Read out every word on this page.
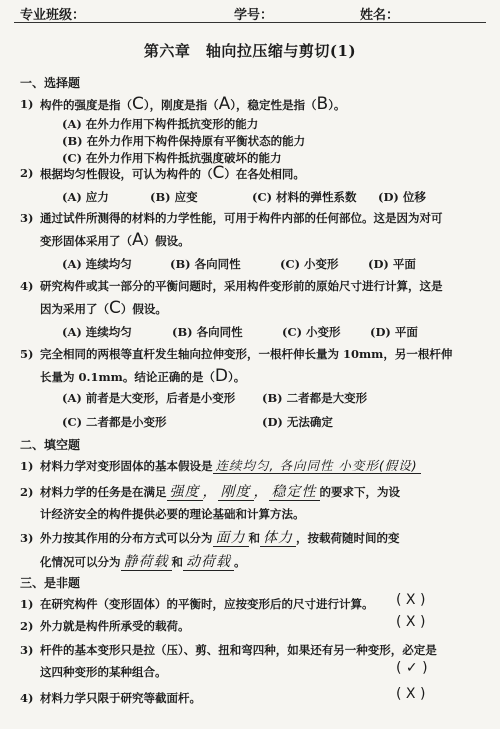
专业班级：	学号：	姓名：
第六章　轴向拉压缩与剪切(1)
一、选择题
1) 构件的强度是指（C），刚度是指（A），稳定性是指（B）。
(A) 在外力作用下构件抵抗变形的能力
(B) 在外力作用下构件保持原有平衡状态的能力
(C) 在外力作用下构件抵抗强度破坏的能力
2) 根据均匀性假设，可认为构件的（C）在各处相同。
(A) 应力	(B) 应变	(C) 材料的弹性系数 (D) 位移
3) 通过试件所测得的材料的力学性能，可用于构件内部的任何部位。这是因为对可
变形固体采用了（A）假设。
(A) 连续均匀	(B) 各向同性	(C) 小变形	(D) 平面
4) 研究构件或其一部分的平衡问题时，采用构件变形前的原始尺寸进行计算，这是
因为采用了（C）假设。
(A) 连续均匀	(B) 各向同性	(C) 小变形	(D) 平面
5) 完全相同的两根等直杆发生轴向拉伸变形，一根杆伸长量为 10mm，另一根杆伸
长量为 0.1mm。结论正确的是（D）。
(A) 前者是大变形，后者是小变形 (B) 二者都是大变形
(C) 二者都是小变形	(D) 无法确定
二、填空题
1) 材料力学对变形固体的基本假设是 连续均匀, 各向同性 小变形(假设)
2) 材料力学的任务是在满足 强度 ， 刚度 ， 稳定性 的要求下，为设
计经济安全的构件提供必要的理论基础和计算方法。
3) 外力按其作用的分布方式可以分为 面力 和 体力 ，按载荷随时间的变
化情况可以分为 静荷载 和 动荷载 。
三、是非题
1) 在研究构件（变形固体）的平衡时，应按变形后的尺寸进行计算。	( X )
2) 外力就是构件所承受的载荷。	( X )
3) 杆件的基本变形只是拉（压）、剪、扭和弯四种，如果还有另一种变形，必定是
这四种变形的某种组合。	( ✓ )
4) 材料力学只限于研究等截面杆。	( X )
